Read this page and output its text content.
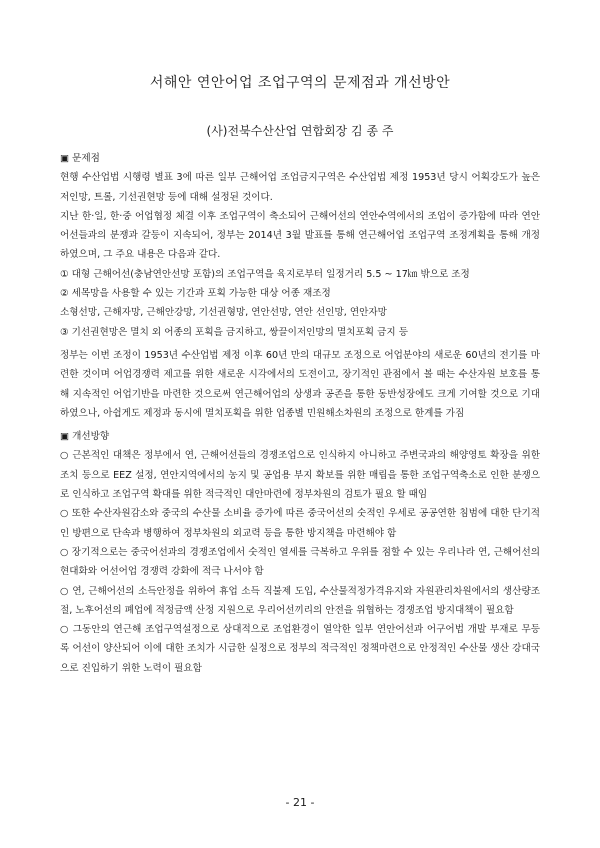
서해안 연안어업 조업구역의 문제점과 개선방안
(사)전북수산산업 연합회장 김 종 주

▣ 문제점

현행 수산업법 시행령 별표 3에 따른 일부 근해어업 조업금지구역은 수산업법 제정 1953년 당시 어획강도가 높은 저인망, 트롤, 기선권현망 등에 대해 설정된 것이다.

지난 한·일, 한·중 어업협정 체결 이후 조업구역이 축소되어 근해어선의 연안수역에서의 조업이 증가함에 따라 연안어선들과의 분쟁과 갈등이 지속되어, 정부는 2014년 3월 발표를 통해 연근해어업 조업구역 조정계획을 통해 개정하였으며, 그 주요 내용은 다음과 같다.

① 대형 근해어선(충남연안선망 포함)의 조업구역을 육지로부터 일정거리 5.5 ~ 17㎞ 밖으로 조정

② 세목망을 사용할 수 있는 기간과 포획 가능한 대상 어종 재조정

소형선망, 근해자망, 근해안강망, 기선권형망, 연안선망, 연안 선인망, 연안자망

③ 기선권현망은 멸치 외 어종의 포획을 금지하고, 쌍끌이저인망의 멸치포획 금지 등

정부는 이번 조정이 1953년 수산업법 제정 이후 60년 만의 대규모 조정으로 어업분야의 새로운 60년의 전기를 마련한 것이며 어업경쟁력 제고를 위한 새로운 시각에서의 도전이고, 장기적인 관점에서 볼 때는 수산자원 보호를 통해 지속적인 어업기반을 마련한 것으로써 연근해어업의 상생과 공존을 통한 동반성장에도 크게 기여할 것으로 기대하였으나, 아쉽게도 제정과 동시에 멸치포획을 위한 업종별 민원해소차원의 조정으로 한계를 가짐

▣ 개선방향

○ 근본적인 대책은 정부에서 연, 근해어선들의 경쟁조업으로 인식하지 아니하고 주변국과의 해양영토 확장을 위한 조치 등으로 EEZ 설정, 연안지역에서의 농지 및 공업용 부지 확보를 위한 매립을 통한 조업구역축소로 인한 분쟁으로 인식하고 조업구역 확대를 위한 적극적인 대안마련에 정부차원의 검토가 필요 할 때임

○ 또한 수산자원감소와 중국의 수산물 소비율 증가에 따른 중국어선의 숫적인 우세로 공공연한 침범에 대한 단기적인 방편으로 단속과 병행하여 정부차원의 외교력 등을 통한 방지책을 마련해야 함

○ 장기적으로는 중국어선과의 경쟁조업에서 숫적인 열세를 극복하고 우위를 점할 수 있는 우리나라 연, 근해어선의 현대화와 어선어업 경쟁력 강화에 적극 나서야 함

○ 연, 근해어선의 소득안정을 위하여 휴업 소득 직불제 도입, 수산물적정가격유지와 자원관리차원에서의 생산량조절, 노후어선의 폐업에 적정금액 산정 지원으로 우리어선끼리의 안전을 위협하는 경쟁조업 방지대책이 필요함

○ 그동안의 연근해 조업구역설정으로 상대적으로 조업환경이 열악한 일부 연안어선과 어구어법 개발 부재로 무등록 어선이 양산되어 이에 대한 조치가 시급한 실정으로 정부의 적극적인 정책마련으로 안정적인 수산물 생산 강대국으로 진입하기 위한 노력이 필요함

- 21 -
